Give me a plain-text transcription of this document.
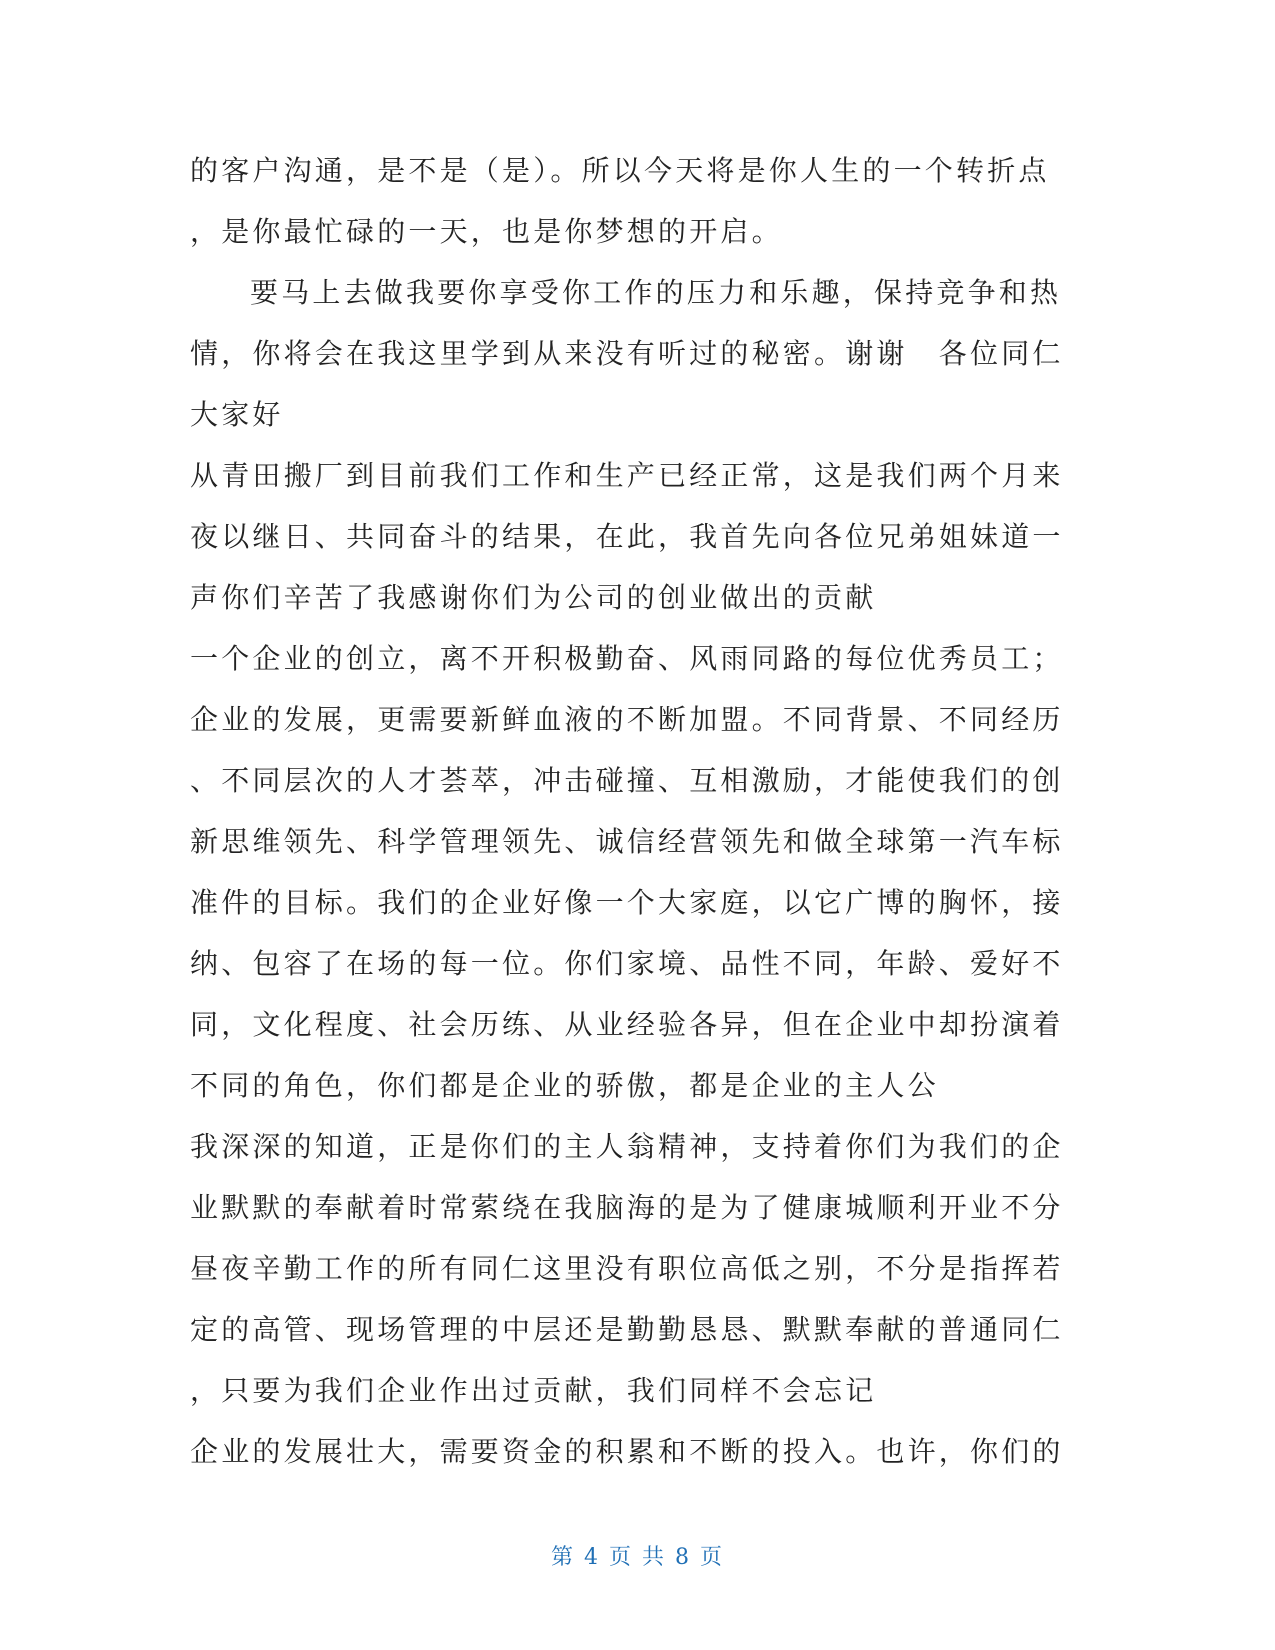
的客户沟通，是不是（是）。所以今天将是你人生的一个转折点
，是你最忙碌的一天，也是你梦想的开启。
要马上去做我要你享受你工作的压力和乐趣，保持竞争和热
情，你将会在我这里学到从来没有听过的秘密。谢谢　各位同仁
大家好
从青田搬厂到目前我们工作和生产已经正常，这是我们两个月来
夜以继日、共同奋斗的结果，在此，我首先向各位兄弟姐妹道一
声你们辛苦了我感谢你们为公司的创业做出的贡献
一个企业的创立，离不开积极勤奋、风雨同路的每位优秀员工；
企业的发展，更需要新鲜血液的不断加盟。不同背景、不同经历
、不同层次的人才荟萃，冲击碰撞、互相激励，才能使我们的创
新思维领先、科学管理领先、诚信经营领先和做全球第一汽车标
准件的目标。我们的企业好像一个大家庭，以它广博的胸怀，接
纳、包容了在场的每一位。你们家境、品性不同，年龄、爱好不
同，文化程度、社会历练、从业经验各异，但在企业中却扮演着
不同的角色，你们都是企业的骄傲，都是企业的主人公
我深深的知道，正是你们的主人翁精神，支持着你们为我们的企
业默默的奉献着时常萦绕在我脑海的是为了健康城顺利开业不分
昼夜辛勤工作的所有同仁这里没有职位高低之别，不分是指挥若
定的高管、现场管理的中层还是勤勤恳恳、默默奉献的普通同仁
，只要为我们企业作出过贡献，我们同样不会忘记
企业的发展壮大，需要资金的积累和不断的投入。也许，你们的
第 4 页 共 8 页
